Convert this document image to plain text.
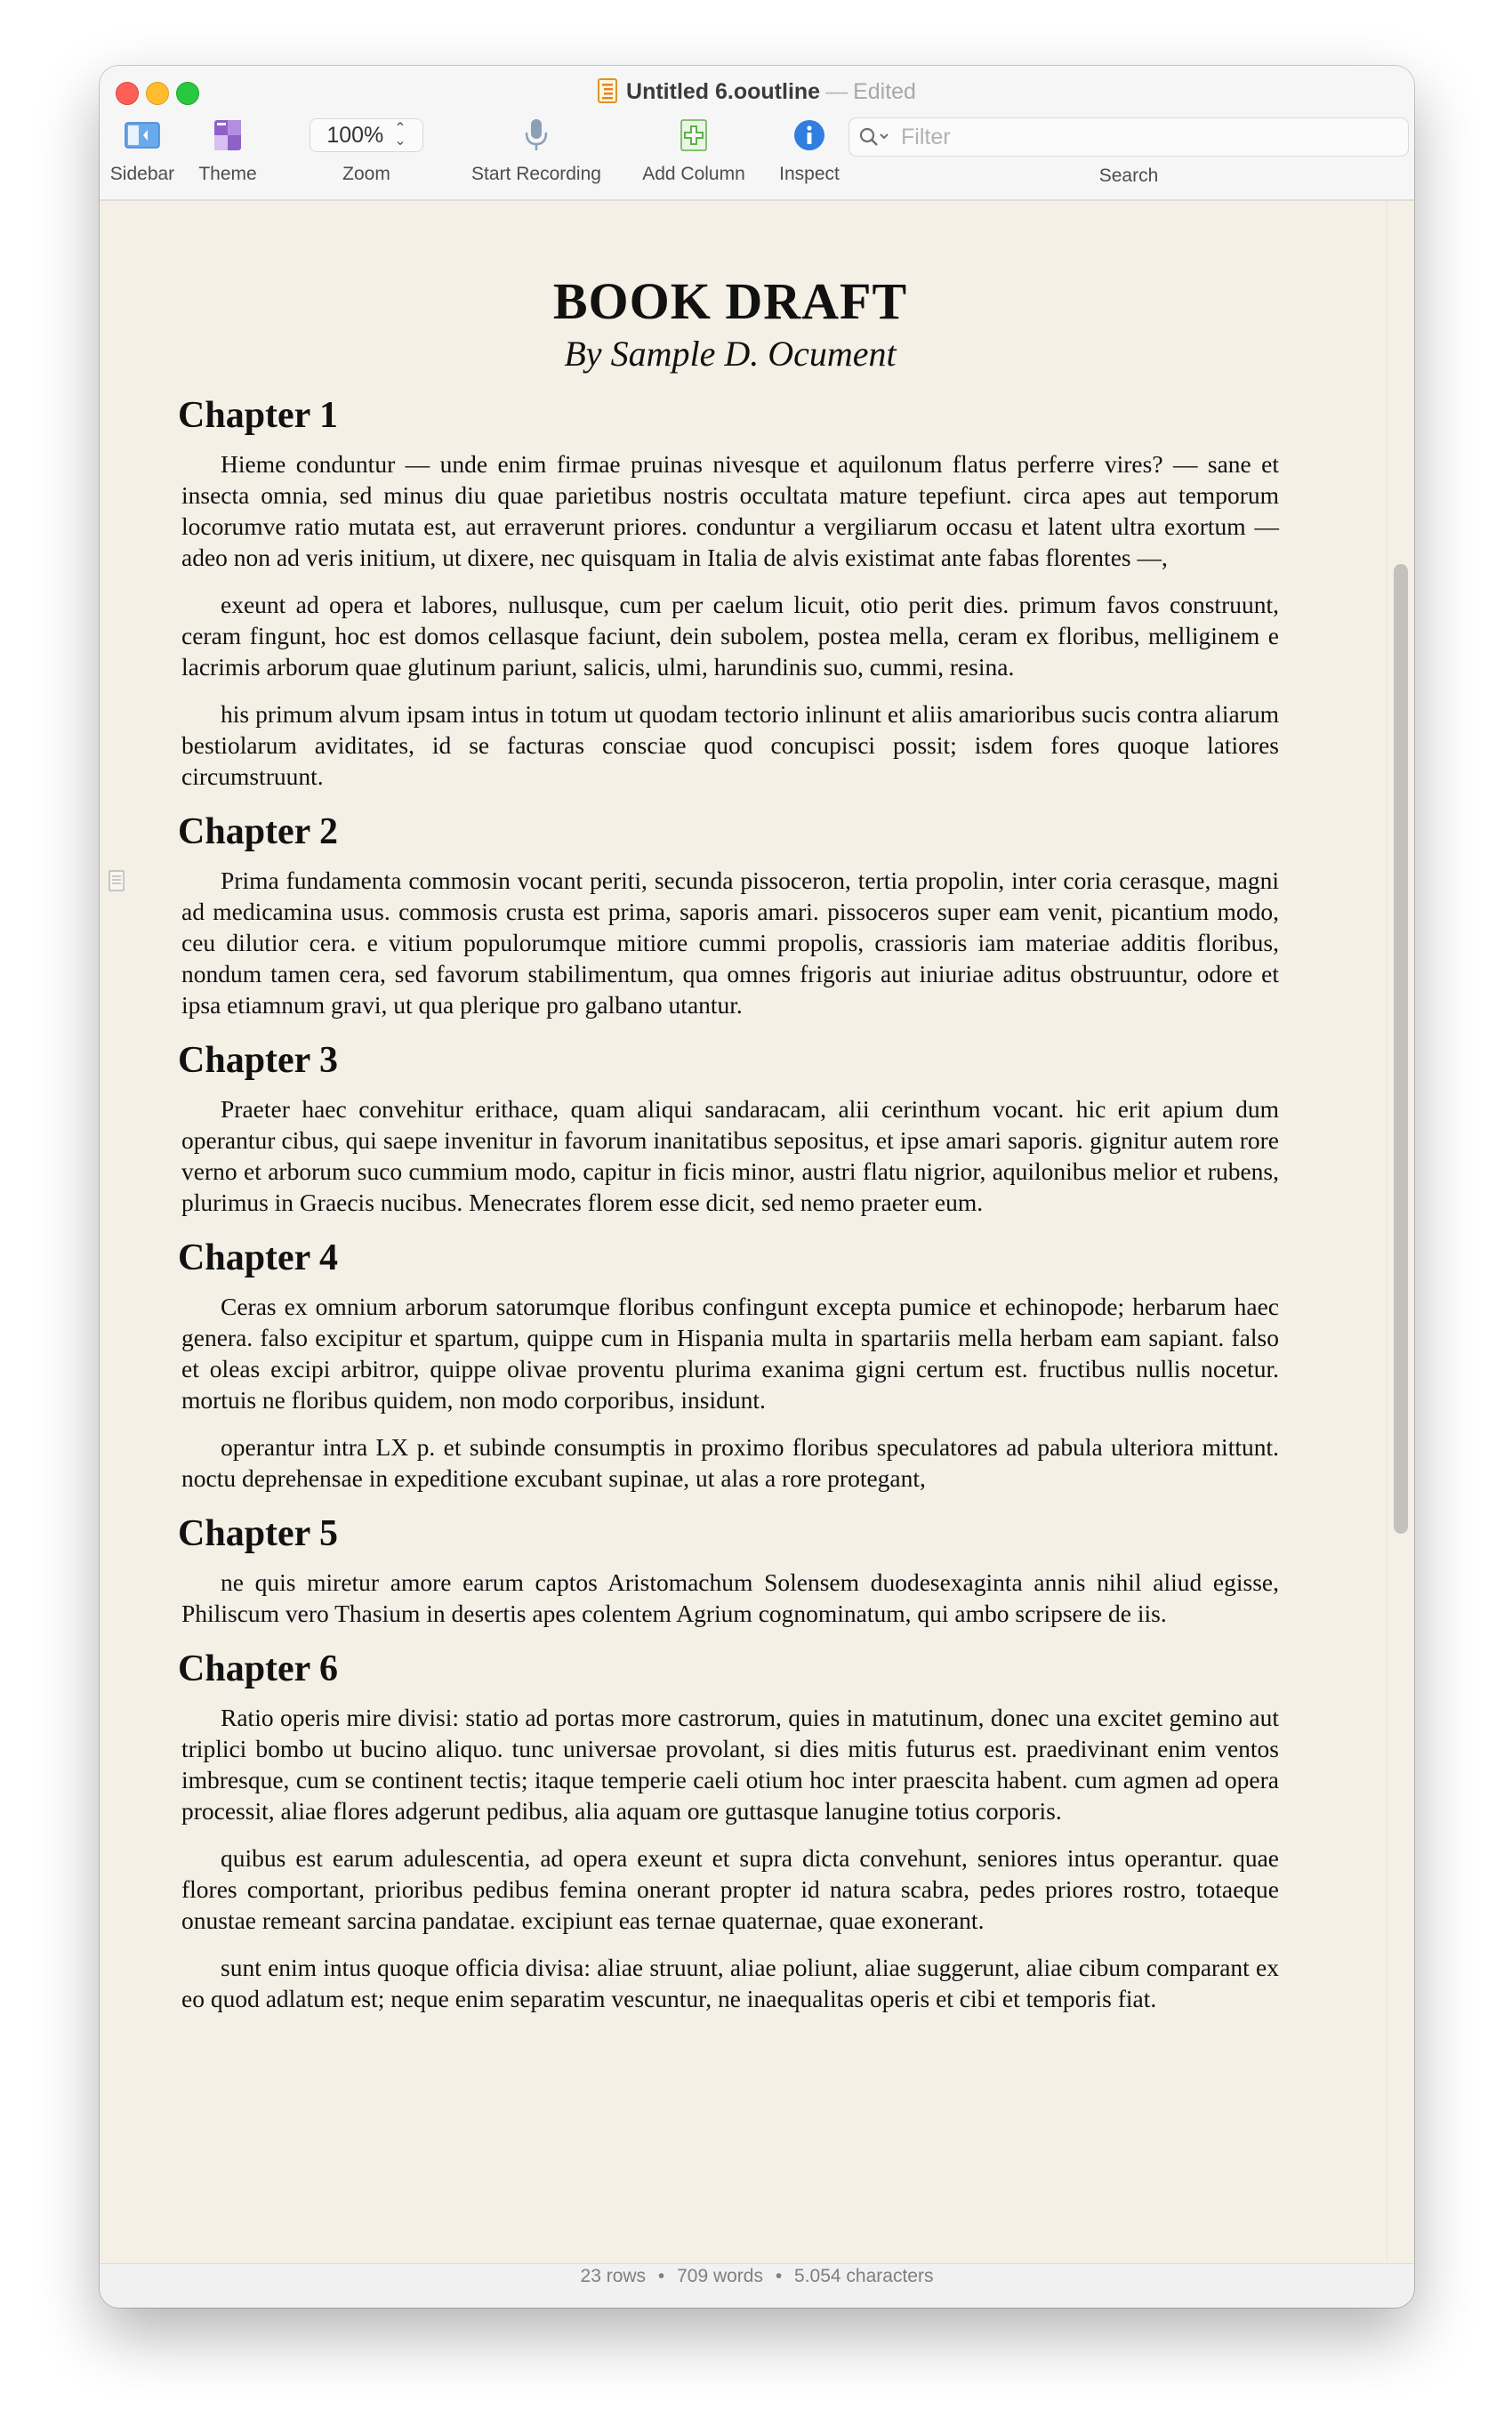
Untitled 6.ooutline — Edited
Sidebar	Theme
100% ⌃
⌄
Zoom	Start Recording	Add Column	Inspect
Filter	Search
BOOK DRAFT
By Sample D. Ocument
Chapter 1

Hieme conduntur — unde enim firmae pruinas nivesque et aquilonum flatus perferre vires? — sane et insecta omnia, sed minus diu quae parietibus nostris occultata mature tepefiunt. circa apes aut temporum locorumve ratio mutata est, aut erraverunt priores. conduntur a vergiliarum occasu et latent ultra exortum — adeo non ad veris initium, ut dixere, nec quisquam in Italia de alvis existimat ante fabas florentes —,

exeunt ad opera et labores, nullusque, cum per caelum licuit, otio perit dies. primum favos construunt, ceram fingunt, hoc est domos cellasque faciunt, dein subolem, postea mella, ceram ex floribus, melliginem e lacrimis arborum quae glutinum pariunt, salicis, ulmi, harundinis suo, cummi, resina.

his primum alvum ipsam intus in totum ut quodam tectorio inlinunt et aliis amarioribus sucis contra aliarum bestiolarum aviditates, id se facturas consciae quod concupisci possit; isdem fores quoque latiores circumstruunt.

Chapter 2

Prima fundamenta commosin vocant periti, secunda pissoceron, tertia propolin, inter coria cerasque, magni ad medicamina usus. commosis crusta est prima, saporis amari. pissoceros super eam venit, picantium modo, ceu dilutior cera. e vitium populorumque mitiore cummi propolis, crassioris iam materiae additis floribus, nondum tamen cera, sed favorum stabilimentum, qua omnes frigoris aut iniuriae aditus obstruuntur, odore et ipsa etiamnum gravi, ut qua plerique pro galbano utantur.

Chapter 3

Praeter haec convehitur erithace, quam aliqui sandaracam, alii cerinthum vocant. hic erit apium dum operantur cibus, qui saepe invenitur in favorum inanitatibus sepositus, et ipse amari saporis. gignitur autem rore verno et arborum suco cummium modo, capitur in ficis minor, austri flatu nigrior, aquilonibus melior et rubens, plurimus in Graecis nucibus. Menecrates florem esse dicit, sed nemo praeter eum.

Chapter 4

Ceras ex omnium arborum satorumque floribus confingunt excepta pumice et echinopode; herbarum haec genera. falso excipitur et spartum, quippe cum in Hispania multa in spartariis mella herbam eam sapiant. falso et oleas excipi arbitror, quippe olivae proventu plurima exanima gigni certum est. fructibus nullis nocetur. mortuis ne floribus quidem, non modo corporibus, insidunt.

operantur intra LX p. et subinde consumptis in proximo floribus speculatores ad pabula ulteriora mittunt. noctu deprehensae in expeditione excubant supinae, ut alas a rore protegant,

Chapter 5

ne quis miretur amore earum captos Aristomachum Solensem duodesexaginta annis nihil aliud egisse, Philiscum vero Thasium in desertis apes colentem Agrium cognominatum, qui ambo scripsere de iis.

Chapter 6

Ratio operis mire divisi: statio ad portas more castrorum, quies in matutinum, donec una excitet gemino aut triplici bombo ut bucino aliquo. tunc universae provolant, si dies mitis futurus est. praedivinant enim ventos imbresque, cum se continent tectis; itaque temperie caeli otium hoc inter praescita habent. cum agmen ad opera processit, aliae flores adgerunt pedibus, alia aquam ore guttasque lanugine totius corporis.

quibus est earum adulescentia, ad opera exeunt et supra dicta convehunt, seniores intus operantur. quae flores comportant, prioribus pedibus femina onerant propter id natura scabra, pedes priores rostro, totaeque onustae remeant sarcina pandatae. excipiunt eas ternae quaternae, quae exonerant.

sunt enim intus quoque officia divisa: aliae struunt, aliae poliunt, aliae suggerunt, aliae cibum comparant ex eo quod adlatum est; neque enim separatim vescuntur, ne inaequalitas operis et cibi et temporis fiat.

23 rows • 709 words • 5.054 characters
